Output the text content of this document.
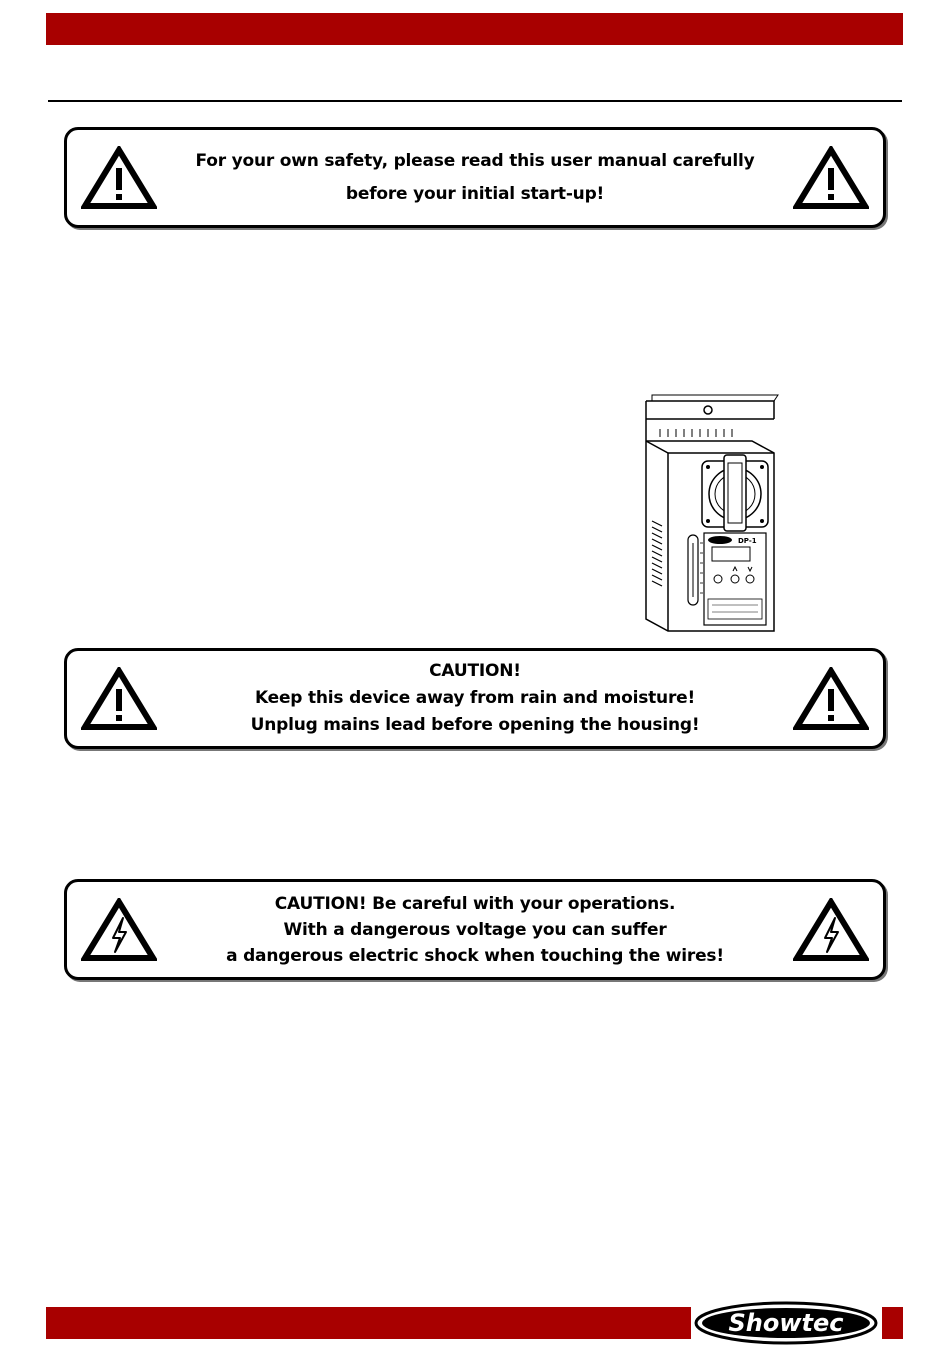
For your own safety, please read this user manual carefully
before your initial start-up!
DP-1
CAUTION!
Keep this device away from rain and moisture!
Unplug mains lead before opening the housing!
CAUTION! Be careful with your operations.
With a dangerous voltage you can suffer
a dangerous electric shock when touching the wires!
Showtec
